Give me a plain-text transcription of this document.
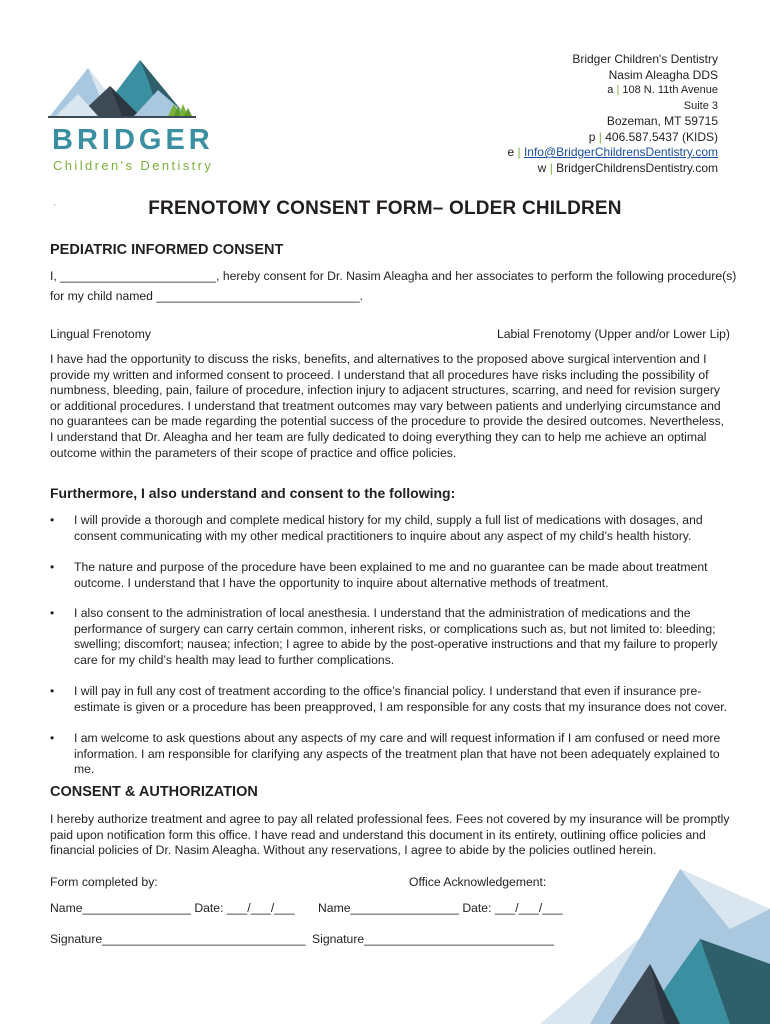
BRIDGER
Children's Dentistry
Bridger Children's Dentistry
Nasim Aleagha DDS
a | 108 N. 11th Avenue
Suite 3
Bozeman, MT 59715
p | 406.587.5437 (KIDS)
e | Info@BridgerChildrensDentistry.com
w | BridgerChildrensDentistry.com
'	FRENOTOMY CONSENT FORM– OLDER CHILDREN
PEDIATRIC INFORMED CONSENT
I, _______________________, hereby consent for Dr. Nasim Aleagha and her associates to perform the following procedure(s)
for my child named ______________________________.
Lingual Frenotomy	Labial Frenotomy (Upper and/or Lower Lip)
I have had the opportunity to discuss the risks, benefits, and alternatives to the proposed above surgical intervention and I provide my written and informed consent to proceed. I understand that all procedures have risks including the possibility of numbness, bleeding, pain, failure of procedure, infection injury to adjacent structures, scarring, and need for revision surgery or additional procedures. I understand that treatment outcomes may vary between patients and underlying circumstance and no guarantees can be made regarding the potential success of the procedure to provide the desired outcomes. Nevertheless, I understand that Dr. Aleagha and her team are fully dedicated to doing everything they can to help me achieve an optimal outcome within the parameters of their scope of practice and office policies.
Furthermore, I also understand and consent to the following:
•	I will provide a thorough and complete medical history for my child, supply a full list of medications with dosages, and consent communicating with my other medical practitioners to inquire about any aspect of my child’s health history.
•	The nature and purpose of the procedure have been explained to me and no guarantee can be made about treatment outcome. I understand that I have the opportunity to inquire about alternative methods of treatment.
•	I also consent to the administration of local anesthesia. I understand that the administration of medications and the performance of surgery can carry certain common, inherent risks, or complications such as, but not limited to: bleeding; swelling; discomfort; nausea; infection; I agree to abide by the post-operative instructions and that my failure to properly care for my child’s health may lead to further complications.
•	I will pay in full any cost of treatment according to the office’s financial policy. I understand that even if insurance pre-estimate is given or a procedure has been preapproved, I am responsible for any costs that my insurance does not cover.
•	I am welcome to ask questions about any aspects of my care and will request information if I am confused or need more information. I am responsible for clarifying any aspects of the treatment plan that have not been adequately explained to me.
CONSENT & AUTHORIZATION
I hereby authorize treatment and agree to pay all related professional fees. Fees not covered by my insurance will be promptly paid upon notification form this office. I have read and understand this document in its entirety, outlining office policies and financial policies of Dr. Nasim Aleagha. Without any reservations, I agree to abide by the policies outlined herein.
Form completed by:	Office Acknowledgement:
Name________________ Date: ___/___/___ Name________________ Date: ___/___/___
Signature______________________________ Signature____________________________
